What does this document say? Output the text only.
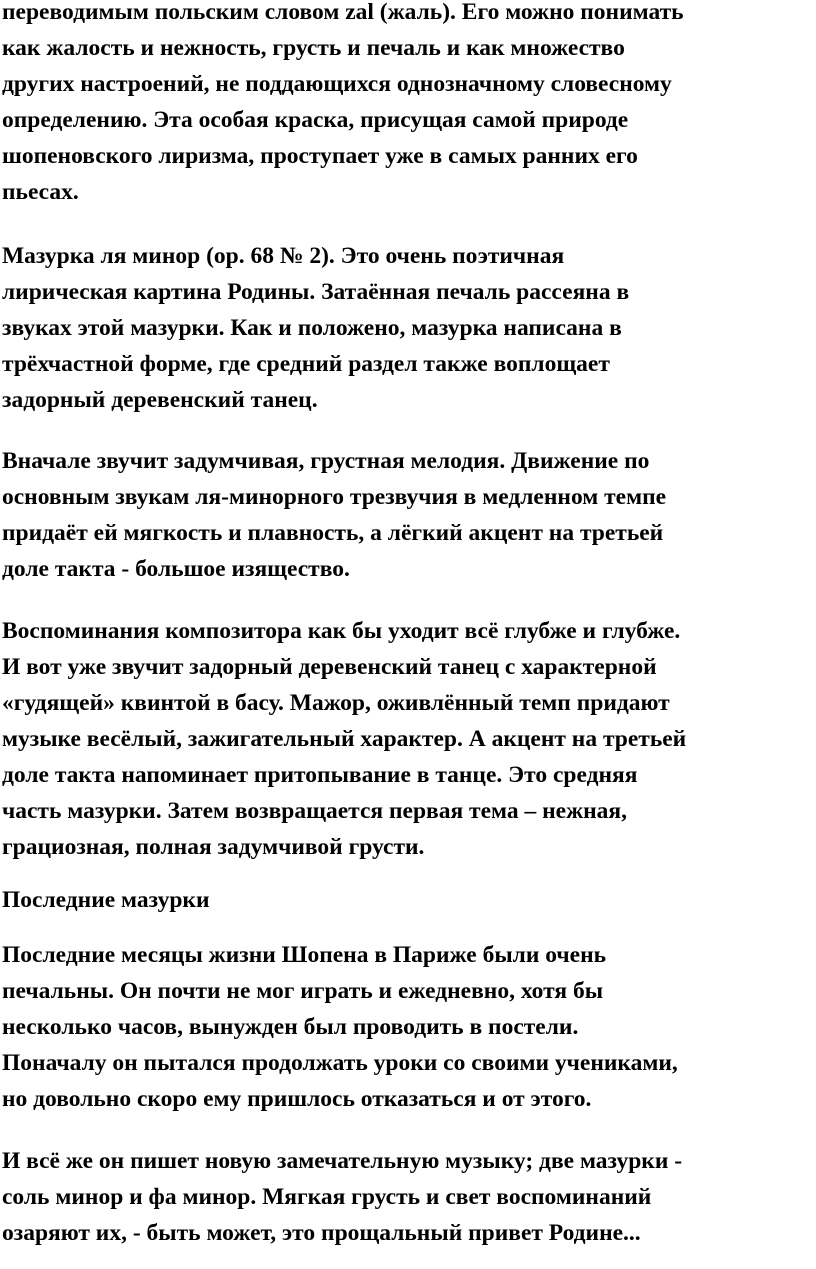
переводимым польским словом zal (жаль). Его можно понимать
как жалость и нежность, грусть и печаль и как множество
других настроений, не поддающихся однозначному словесному
определению. Эта особая краска, присущая самой природе
шопеновского лиризма, проступает уже в самых ранних его
пьесах.
Мазурка ля минор (ор. 68 № 2). Это очень поэтичная
лирическая картина Родины. Затаённая печаль рассеяна в
звуках этой мазурки. Как и положено, мазурка написана в
трёхчастной форме, где средний раздел также воплощает
задорный деревенский танец.
Вначале звучит задумчивая, грустная мелодия. Движение по
основным звукам ля-минорного трезвучия в медленном темпе
придаёт ей мягкость и плавность, а лёгкий акцент на третьей
доле такта - большое изящество.
Воспоминания композитора как бы уходит всё глубже и глубже.
И вот уже звучит задорный деревенский танец с характерной
«гудящей» квинтой в басу. Мажор, оживлённый темп придают
музыке весёлый, зажигательный характер. А акцент на третьей
доле такта напоминает притопывание в танце. Это средняя
часть мазурки. Затем возвращается первая тема – нежная,
грациозная, полная задумчивой грусти.
Последние мазурки
Последние месяцы жизни Шопена в Париже были очень
печальны. Он почти не мог играть и ежедневно, хотя бы
несколько часов, вынужден был проводить в постели.
Поначалу он пытался продолжать уроки со своими учениками,
но довольно скоро ему пришлось отказаться и от этого.
И всё же он пишет новую замечательную музыку; две мазурки -
соль минор и фа минор. Мягкая грусть и свет воспоминаний
озаряют их, - быть может, это прощальный привет Родине...
